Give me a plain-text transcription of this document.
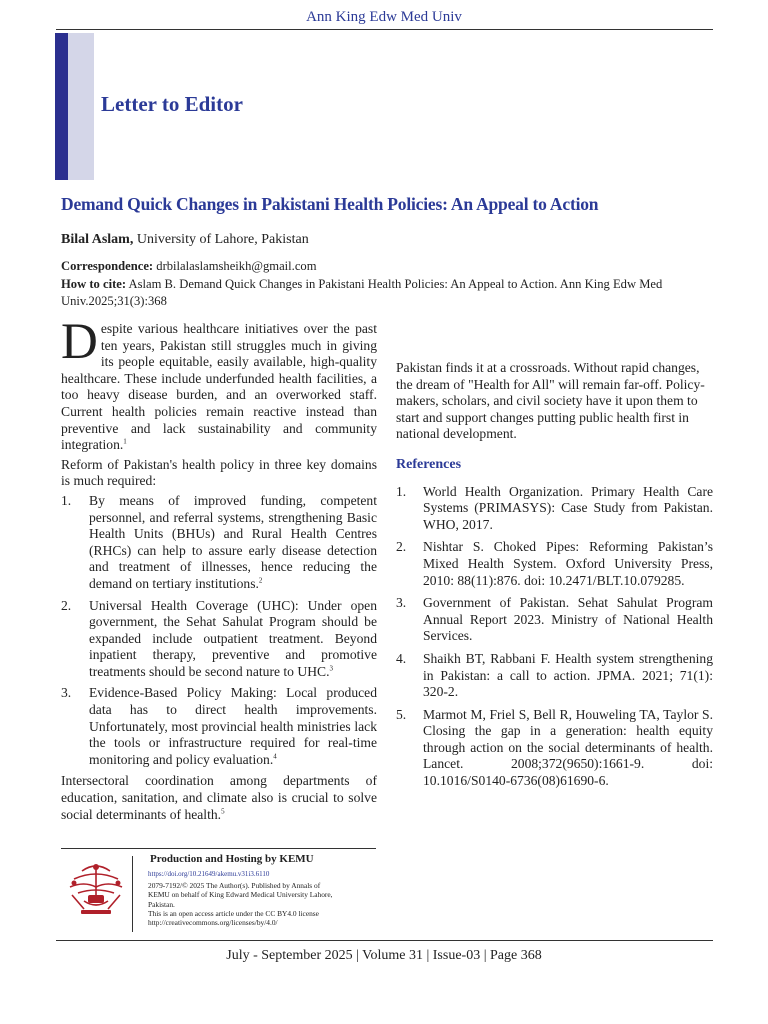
Ann King Edw Med Univ
Letter to Editor
Demand Quick Changes in Pakistani Health Policies: An Appeal to Action
Bilal Aslam, University of Lahore, Pakistan
Correspondence: drbilalaslamsheikh@gmail.com
How to cite: Aslam B. Demand Quick Changes in Pakistani Health Policies: An Appeal to Action. Ann King Edw Med Univ.2025;31(3):368

Despite various healthcare initiatives over the past ten years, Pakistan still struggles much in giving its people equitable, easily available, high-quality healthcare. These include underfunded health facilities, a too heavy disease burden, and an overworked staff. Current health policies remain reactive instead than preventive and lack sustainability and community integration.$^1$

Reform of Pakistan's health policy in three key domains is much required:

1. By means of improved funding, competent personnel, and referral systems, strengthening Basic Health Units (BHUs) and Rural Health Centres (RHCs) can help to assure early disease detection and treatment of illnesses, hence reducing the demand on tertiary institutions.$^2$
2. Universal Health Coverage (UHC): Under open government, the Sehat Sahulat Program should be expanded include outpatient treatment. Beyond inpatient therapy, preventive and promotive treatments should be second nature to UHC.$^3$
3. Evidence-Based Policy Making: Local produced data has to direct health improvements. Unfortunately, most provincial health ministries lack the tools or infrastructure required for real-time monitoring and policy evaluation.$^4$

Intersectoral coordination among departments of education, sanitation, and climate also is crucial to solve social determinants of health.$^5$

Pakistan finds it at a crossroads. Without rapid changes, the dream of "Health for All" will remain far-off. Policy-makers, scholars, and civil society have it upon them to start and support changes putting public health first in national development.

References
1. World Health Organization. Primary Health Care Systems (PRIMASYS): Case Study from Pakistan. WHO, 2017.
2. Nishtar S. Choked Pipes: Reforming Pakistan’s Mixed Health System. Oxford University Press, 2010: 88(11):876. doi: 10.2471/BLT.10.079285.
3. Government of Pakistan. Sehat Sahulat Program Annual Report 2023. Ministry of National Health Services.
4. Shaikh BT, Rabbani F. Health system strengthening in Pakistan: a call to action. JPMA. 2021; 71(1): 320-2.
5. Marmot M, Friel S, Bell R, Houweling TA, Taylor S. Closing the gap in a generation: health equity through action on the social determinants of health. Lancet. 2008;372(9650):1661-9. doi: 10.1016/S0140-6736(08)61690-6.
Production and Hosting by KEMU
https://doi.org/10.21649/akemu.v31i3.6110
2079-7192/© 2025 The Author(s). Published by Annals of
KEMU on behalf of King Edward Medical University Lahore,
Pakistan.
This is an open access article under the CC BY4.0 license
http://creativecommons.org/licenses/by/4.0/
July - September 2025 | Volume 31 | Issue-03 | Page 368
